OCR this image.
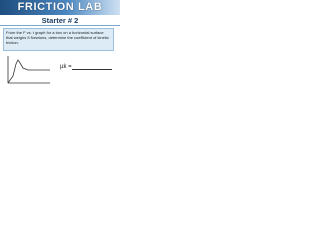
FRICTION LAB
Starter # 2
From the F vs. t graph for a box on a horizontal surface that weighs 5 Newtons, determine the coefficient of kinetic friction.
µk =
